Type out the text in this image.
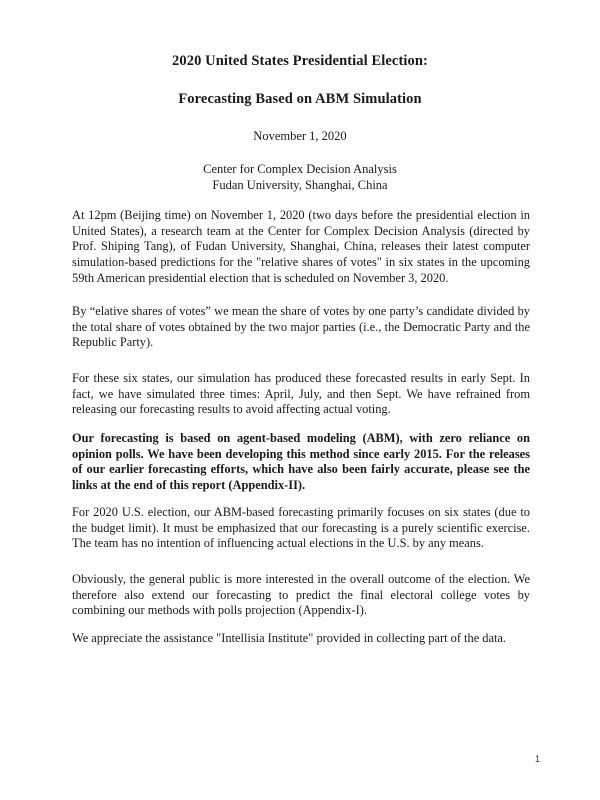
2020 United States Presidential Election:
Forecasting Based on ABM Simulation
November 1, 2020
Center for Complex Decision Analysis
Fudan University, Shanghai, China

At 12pm (Beijing time) on November 1, 2020 (two days before the presidential election in United States), a research team at the Center for Complex Decision Analysis (directed by Prof. Shiping Tang), of Fudan University, Shanghai, China, releases their latest computer simulation-based predictions for the "relative shares of votes" in six states in the upcoming 59th American presidential election that is scheduled on November 3, 2020.

By “elative shares of votes” we mean the share of votes by one party’s candidate divided by the total share of votes obtained by the two major parties (i.e., the Democratic Party and the Republic Party).

For these six states, our simulation has produced these forecasted results in early Sept. In fact, we have simulated three times: April, July, and then Sept. We have refrained from releasing our forecasting results to avoid affecting actual voting.

Our forecasting is based on agent-based modeling (ABM), with zero reliance on opinion polls. We have been developing this method since early 2015. For the releases of our earlier forecasting efforts, which have also been fairly accurate, please see the links at the end of this report (Appendix-II).

For 2020 U.S. election, our ABM-based forecasting primarily focuses on six states (due to the budget limit). It must be emphasized that our forecasting is a purely scientific exercise. The team has no intention of influencing actual elections in the U.S. by any means.

Obviously, the general public is more interested in the overall outcome of the election. We therefore also extend our forecasting to predict the final electoral college votes by combining our methods with polls projection (Appendix-I).

We appreciate the assistance "Intellisia Institute" provided in collecting part of the data.

1
